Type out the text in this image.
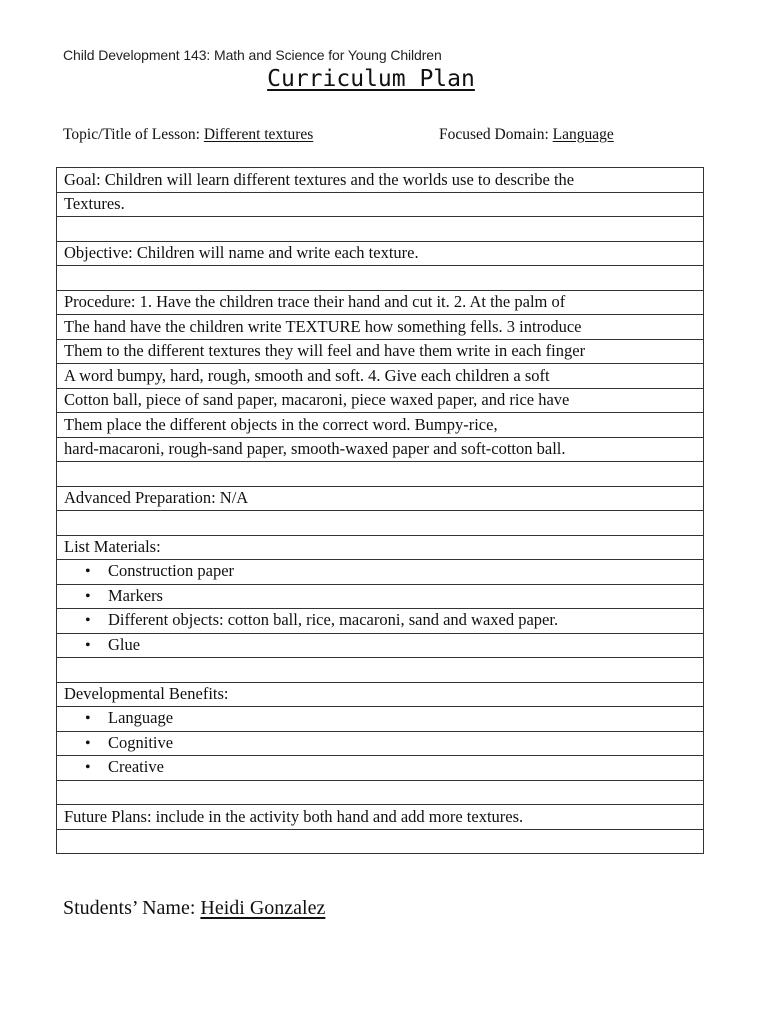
Child Development 143: Math and Science for Young Children
Curriculum Plan
Topic/Title of Lesson: Different textures	Focused Domain: Language
Goal: Children will learn different textures and the worlds use to describe the
Textures.

Objective: Children will name and write each texture.

Procedure: 1. Have the children trace their hand and cut it. 2. At the palm of
The hand have the children write TEXTURE how something fells. 3 introduce
Them to the different textures they will feel and have them write in each finger
A word bumpy, hard, rough, smooth and soft. 4. Give each children a soft
Cotton ball, piece of sand paper, macaroni, piece waxed paper, and rice have
Them place the different objects in the correct word. Bumpy-rice,
hard-macaroni, rough-sand paper, smooth-waxed paper and soft-cotton ball.

Advanced Preparation: N/A

List Materials:
• Construction paper
• Markers
• Different objects: cotton ball, rice, macaroni, sand and waxed paper.
• Glue

Developmental Benefits:
• Language
• Cognitive
• Creative

Future Plans: include in the activity both hand and add more textures.

Students’ Name: Heidi Gonzalez
